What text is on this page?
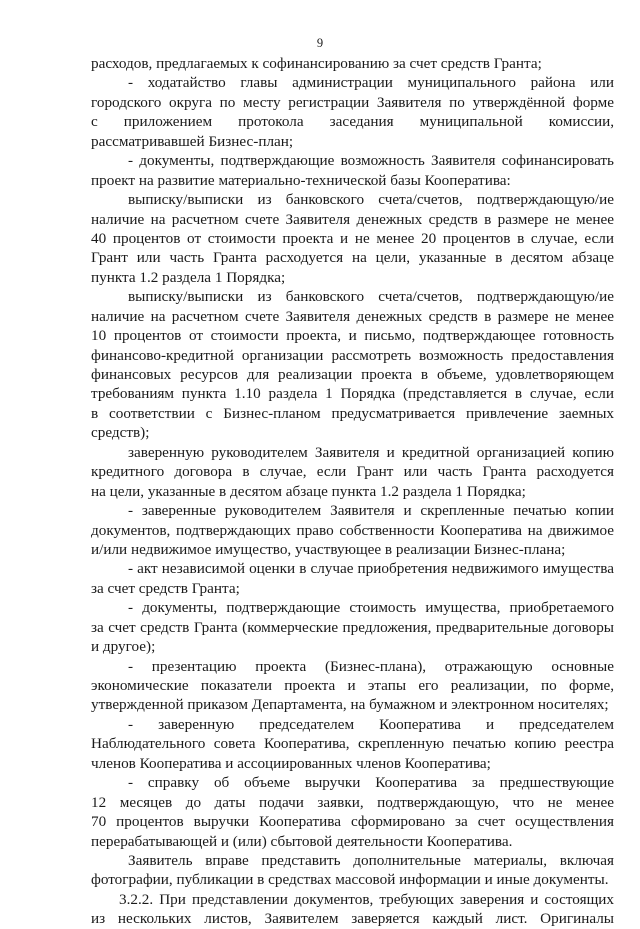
9
расходов, предлагаемых к софинансированию за счет средств Гранта;
- ходатайство главы администрации муниципального района или
городского округа по месту регистрации Заявителя по утверждённой форме
с приложением протокола заседания муниципальной комиссии,
рассматривавшей Бизнес-план;
- документы, подтверждающие возможность Заявителя софинансировать
проект на развитие материально-технической базы Кооператива:
выписку/выписки из банковского счета/счетов, подтверждающую/ие
наличие на расчетном счете Заявителя денежных средств в размере не менее
40 процентов от стоимости проекта и не менее 20 процентов в случае, если
Грант или часть Гранта расходуется на цели, указанные в десятом абзаце
пункта 1.2 раздела 1 Порядка;
выписку/выписки из банковского счета/счетов, подтверждающую/ие
наличие на расчетном счете Заявителя денежных средств в размере не менее
10 процентов от стоимости проекта, и письмо, подтверждающее готовность
финансово-кредитной организации рассмотреть возможность предоставления
финансовых ресурсов для реализации проекта в объеме, удовлетворяющем
требованиям пункта 1.10 раздела 1 Порядка (представляется в случае, если
в соответствии с Бизнес-планом предусматривается привлечение заемных
средств);
заверенную руководителем Заявителя и кредитной организацией копию
кредитного договора в случае, если Грант или часть Гранта расходуется
на цели, указанные в десятом абзаце пункта 1.2 раздела 1 Порядка;
- заверенные руководителем Заявителя и скрепленные печатью копии
документов, подтверждающих право собственности Кооператива на движимое
и/или недвижимое имущество, участвующее в реализации Бизнес-плана;
- акт независимой оценки в случае приобретения недвижимого имущества
за счет средств Гранта;
- документы, подтверждающие стоимость имущества, приобретаемого
за счет средств Гранта (коммерческие предложения, предварительные договоры
и другое);
- презентацию проекта (Бизнес-плана), отражающую основные
экономические показатели проекта и этапы его реализации, по форме,
утвержденной приказом Департамента, на бумажном и электронном носителях;
- заверенную председателем Кооператива и председателем
Наблюдательного совета Кооператива, скрепленную печатью копию реестра
членов Кооператива и ассоциированных членов Кооператива;
- справку об объеме выручки Кооператива за предшествующие
12 месяцев до даты подачи заявки, подтверждающую, что не менее
70 процентов выручки Кооператива сформировано за счет осуществления
перерабатывающей и (или) сбытовой деятельности Кооператива.
Заявитель вправе представить дополнительные материалы, включая
фотографии, публикации в средствах массовой информации и иные документы.
3.2.2. При представлении документов, требующих заверения и состоящих
из нескольких листов, Заявителем заверяется каждый лист. Оригиналы
